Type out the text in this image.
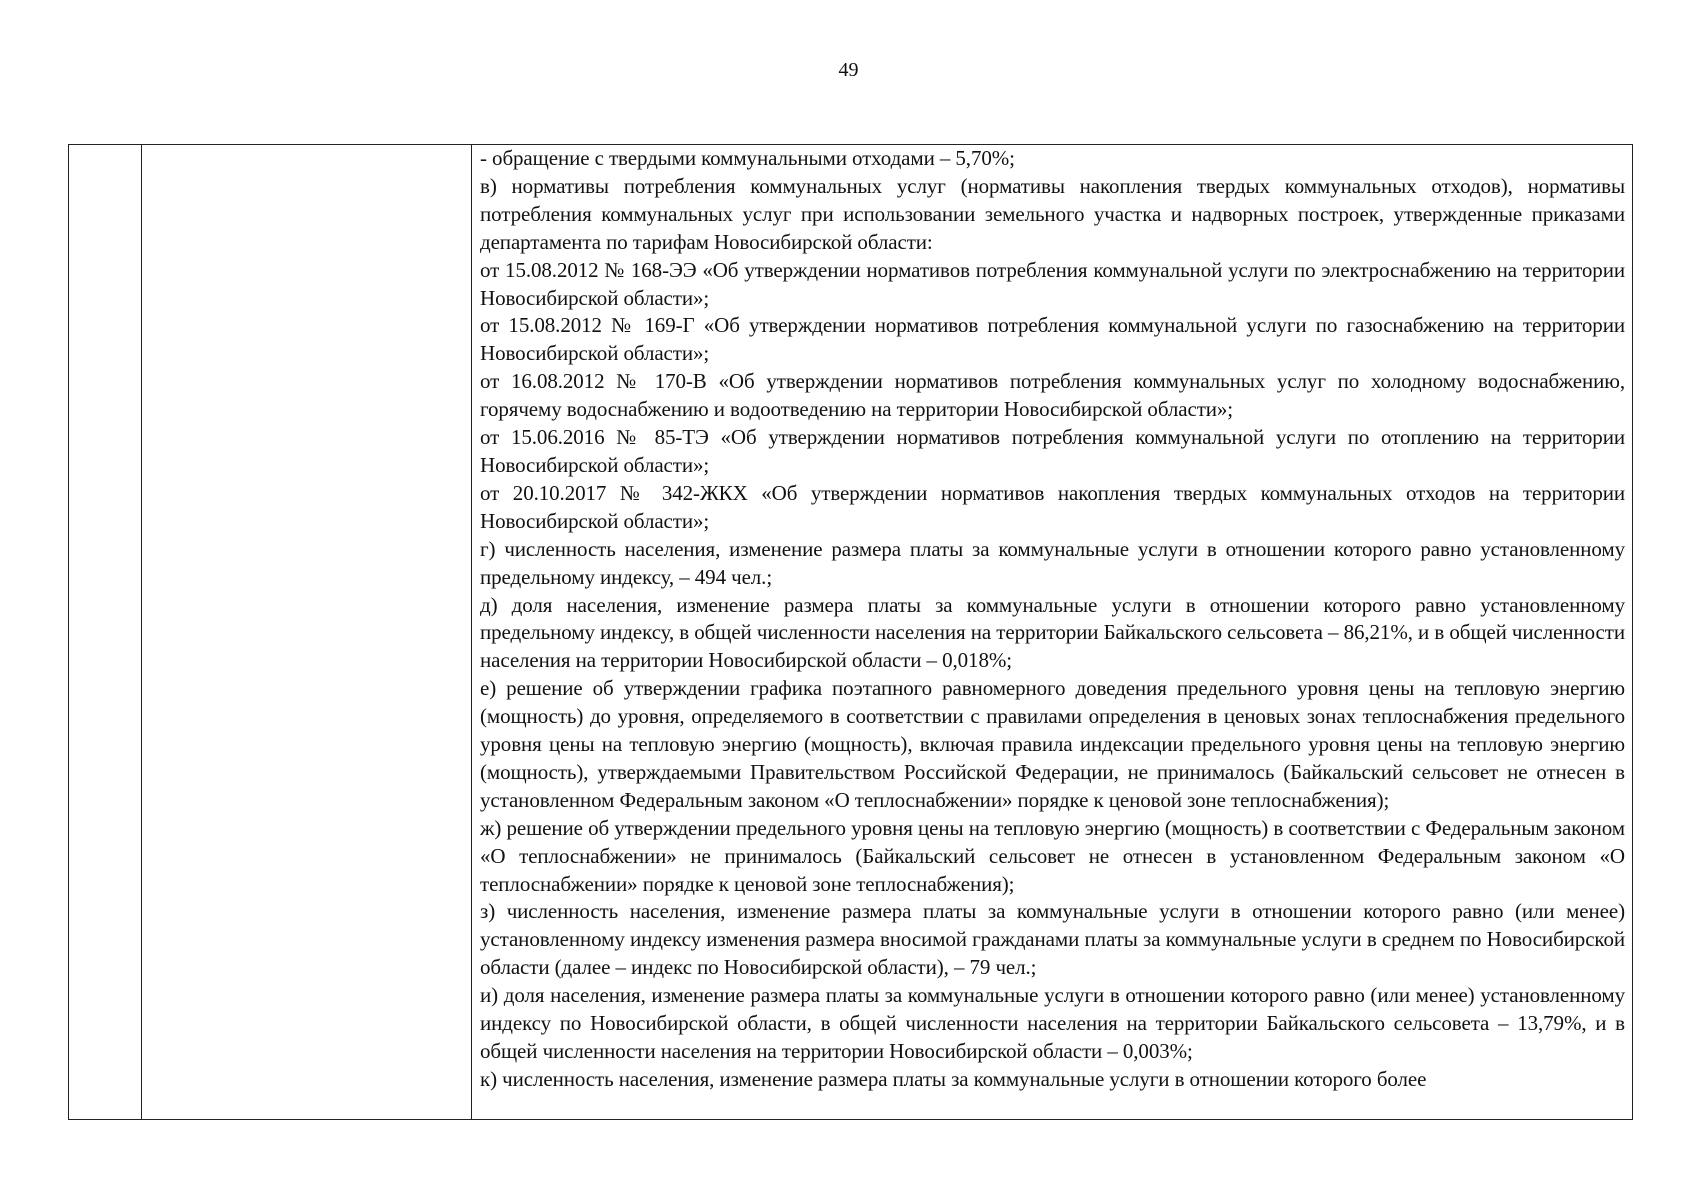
49

- обращение с твердыми коммунальными отходами – 5,70%;

в) нормативы потребления коммунальных услуг (нормативы накопления твердых коммунальных отходов), нормативы потребления коммунальных услуг при использовании земельного участка и надворных построек, утвержденные приказами департамента по тарифам Новосибирской области:

от 15.08.2012 № 168-ЭЭ «Об утверждении нормативов потребления коммунальной услуги по электроснабжению на территории Новосибирской области»;

от 15.08.2012 № 169-Г «Об утверждении нормативов потребления коммунальной услуги по газоснабжению на территории Новосибирской области»;

от 16.08.2012 № 170-В «Об утверждении нормативов потребления коммунальных услуг по холодному водоснабжению, горячему водоснабжению и водоотведению на территории Новосибирской области»;

от 15.06.2016 № 85-ТЭ «Об утверждении нормативов потребления коммунальной услуги по отоплению на территории Новосибирской области»;

от 20.10.2017 № 342-ЖКХ «Об утверждении нормативов накопления твердых коммунальных отходов на территории Новосибирской области»;

г) численность населения, изменение размера платы за коммунальные услуги в отношении которого равно установленному предельному индексу, – 494 чел.;

д) доля населения, изменение размера платы за коммунальные услуги в отношении которого равно установленному предельному индексу, в общей численности населения на территории Байкальского сельсовета – 86,21%, и в общей численности населения на территории Новосибирской области – 0,018%;

е) решение об утверждении графика поэтапного равномерного доведения предельного уровня цены на тепловую энергию (мощность) до уровня, определяемого в соответствии с правилами определения в ценовых зонах теплоснабжения предельного уровня цены на тепловую энергию (мощность), включая правила индексации предельного уровня цены на тепловую энергию (мощность), утверждаемыми Правительством Российской Федерации, не принималось (Байкальский сельсовет не отнесен в установленном Федеральным законом «О теплоснабжении» порядке к ценовой зоне теплоснабжения);

ж) решение об утверждении предельного уровня цены на тепловую энергию (мощность) в соответствии с Федеральным законом «О теплоснабжении» не принималось (Байкальский сельсовет не отнесен в установленном Федеральным законом «О теплоснабжении» порядке к ценовой зоне теплоснабжения);

з) численность населения, изменение размера платы за коммунальные услуги в отношении которого равно (или менее) установленному индексу изменения размера вносимой гражданами платы за коммунальные услуги в среднем по Новосибирской области (далее – индекс по Новосибирской области), – 79 чел.;

и) доля населения, изменение размера платы за коммунальные услуги в отношении которого равно (или менее) установленному индексу по Новосибирской области, в общей численности населения на территории Байкальского сельсовета – 13,79%, и в общей численности населения на территории Новосибирской области – 0,003%;

к) численность населения, изменение размера платы за коммунальные услуги в отношении которого более
